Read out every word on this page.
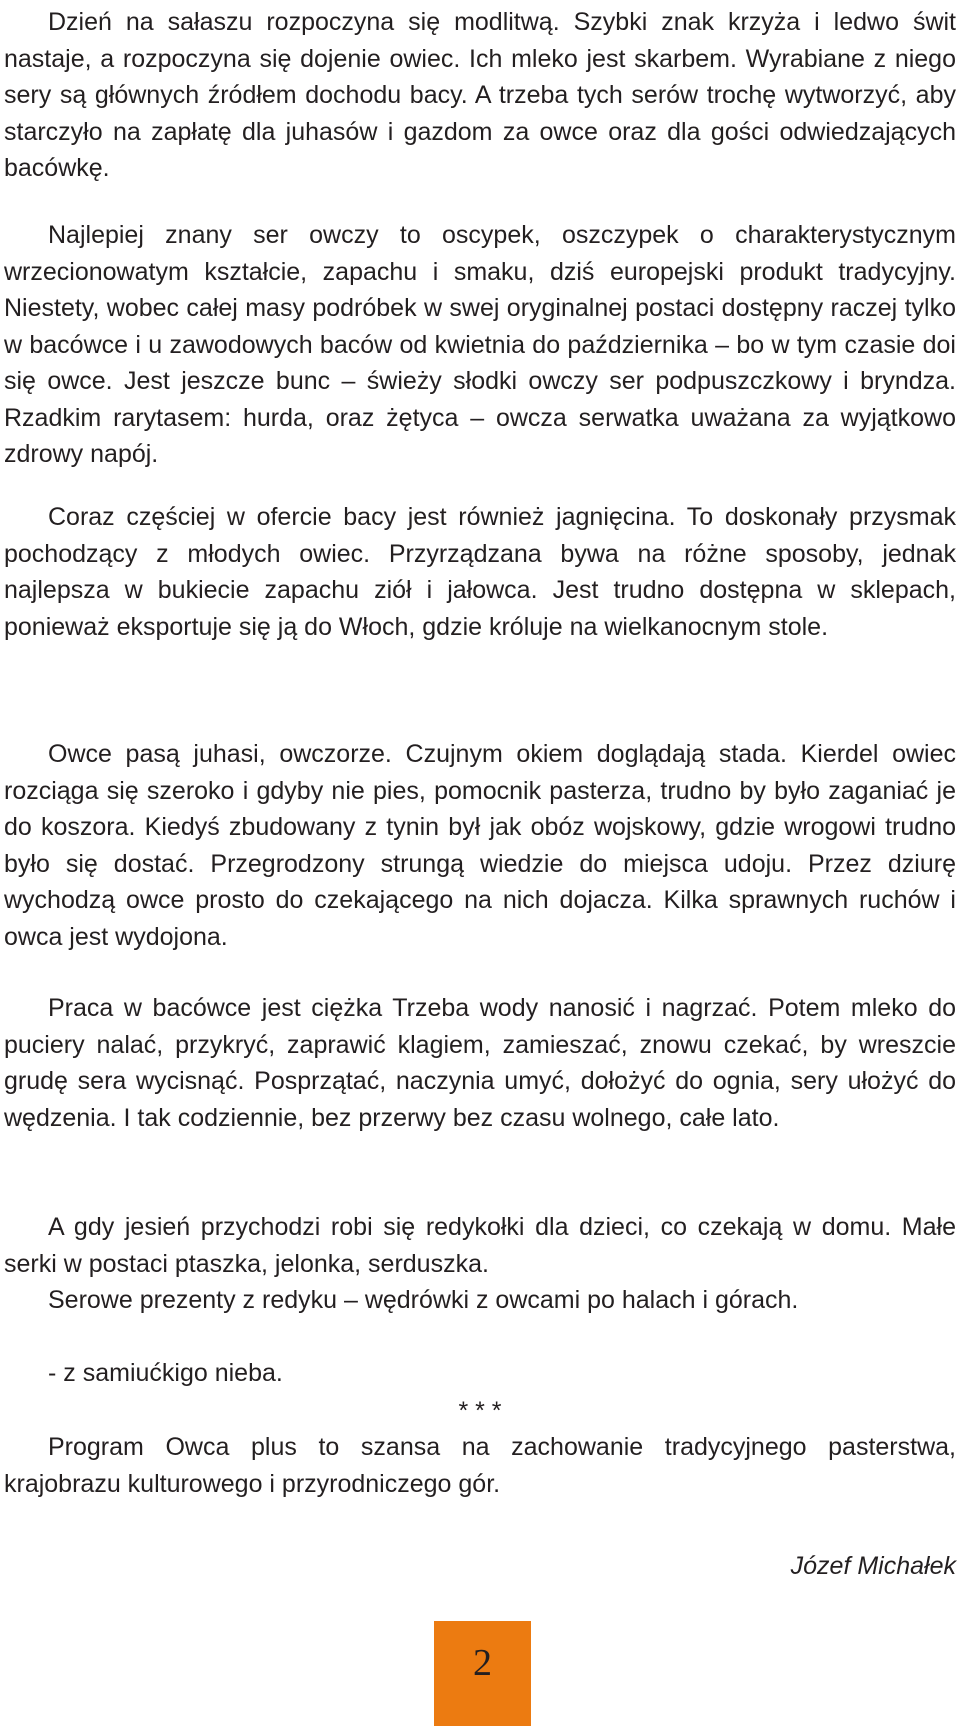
Dzień na sałaszu rozpoczyna się modlitwą. Szybki znak krzyża i ledwo świt nastaje, a rozpoczyna się dojenie owiec. Ich mleko jest skarbem. Wyrabiane z niego sery są głównych źródłem dochodu bacy. A trzeba tych serów trochę wytworzyć, aby starczyło na zapłatę dla juhasów i gazdom za owce oraz dla gości odwiedzających bacówkę.

Najlepiej znany ser owczy to oscypek, oszczypek o charakterystycznym wrzecionowatym kształcie, zapachu i smaku, dziś europejski produkt tradycyjny. Niestety, wobec całej masy podróbek w swej oryginalnej postaci dostępny raczej tylko w bacówce i u zawodowych baców od kwietnia do października – bo w tym czasie doi się owce. Jest jeszcze bunc – świeży słodki owczy ser podpuszczkowy i bryndza. Rzadkim rarytasem: hurda, oraz żętyca – owcza serwatka uważana za wyjątkowo zdrowy napój.

Coraz częściej w ofercie bacy jest również jagnięcina. To doskonały przysmak pochodzący z młodych owiec. Przyrządzana bywa na różne sposoby, jednak najlepsza w bukiecie zapachu ziół i jałowca. Jest trudno dostępna w sklepach, ponieważ eksportuje się ją do Włoch, gdzie króluje na wielkanocnym stole.

Owce pasą juhasi, owczorze. Czujnym okiem doglądają stada. Kierdel owiec rozciąga się szeroko i gdyby nie pies, pomocnik pasterza, trudno by było zaganiać je do koszora. Kiedyś zbudowany z tynin był jak obóz wojskowy, gdzie wrogowi trudno było się dostać. Przegrodzony strungą wiedzie do miejsca udoju. Przez dziurę wychodzą owce prosto do czekającego na nich dojacza. Kilka sprawnych ruchów i owca jest wydojona.

Praca w bacówce jest ciężka Trzeba wody nanosić i nagrzać. Potem mleko do puciery nalać, przykryć, zaprawić klagiem, zamieszać, znowu czekać, by wreszcie grudę sera wycisnąć. Posprzątać, naczynia umyć, dołożyć do ognia, sery ułożyć do wędzenia. I tak codziennie, bez przerwy bez czasu wolnego, całe lato.

A gdy jesień przychodzi robi się redykołki dla dzieci, co czekają w domu. Małe serki w postaci ptaszka, jelonka, serduszka.

Serowe prezenty z redyku – wędrówki z owcami po halach i górach.

- z samiućkigo nieba.

* * *

Program Owca plus to szansa na zachowanie tradycyjnego pasterstwa, krajobrazu kulturowego i przyrodniczego gór.

Józef Michałek
2
